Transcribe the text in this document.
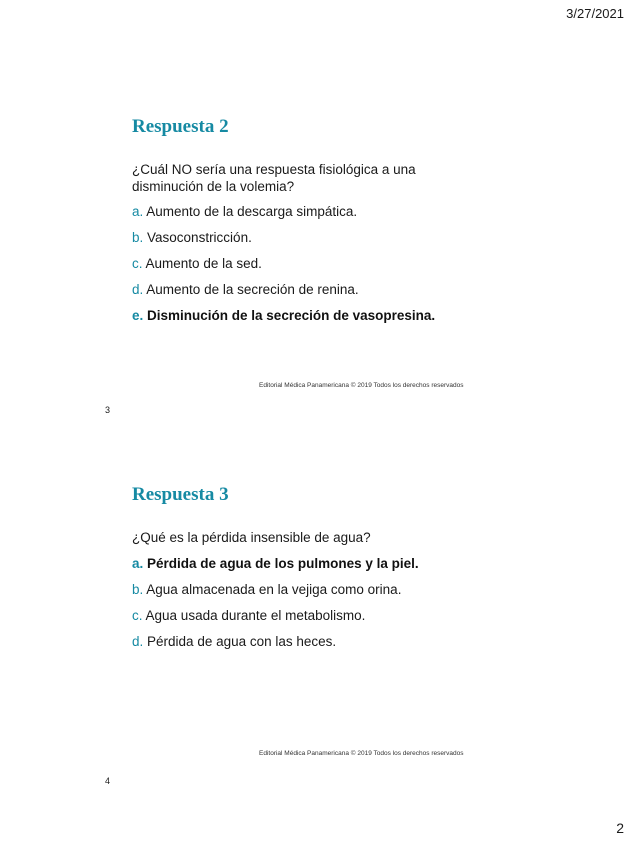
3/27/2021
Respuesta 2
¿Cuál NO sería una respuesta fisiológica a una disminución de la volemia?
a. Aumento de la descarga simpática.
b. Vasoconstricción.
c. Aumento de la sed.
d. Aumento de la secreción de renina.
e. Disminución de la secreción de vasopresina.
Editorial Médica Panamericana © 2019 Todos los derechos reservados
3
Respuesta 3
¿Qué es la pérdida insensible de agua?
a. Pérdida de agua de los pulmones y la piel.
b. Agua almacenada en la vejiga como orina.
c. Agua usada durante el metabolismo.
d. Pérdida de agua con las heces.
Editorial Médica Panamericana © 2019 Todos los derechos reservados
4
2
